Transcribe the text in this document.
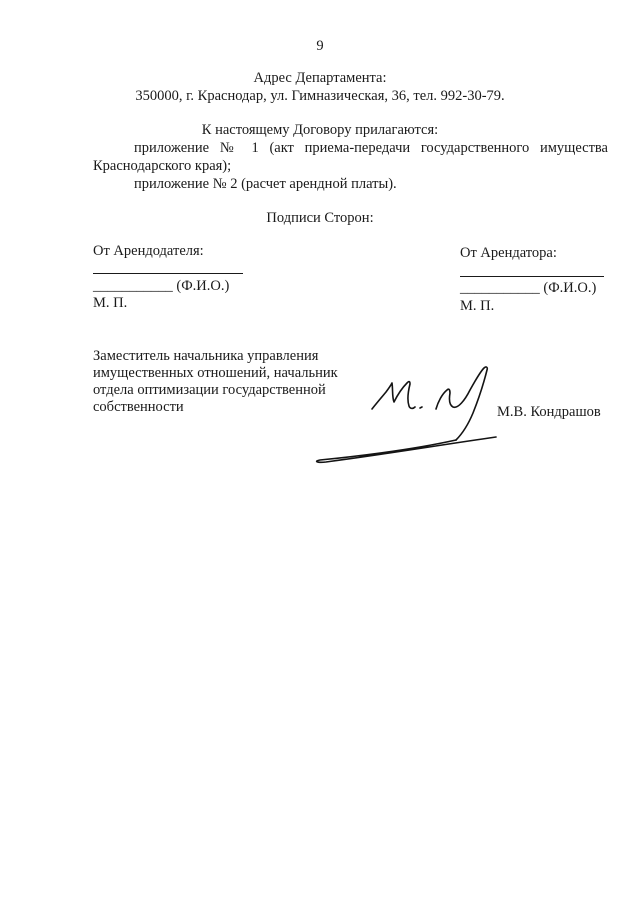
9
Адрес Департамента:
350000, г. Краснодар, ул. Гимназическая, 36, тел. 992-30-79.
К настоящему Договору прилагаются:
приложение № 1 (акт приема-передачи государственного имущества
Краснодарского края);
приложение № 2 (расчет арендной платы).
Подписи Сторон:
От Арендодателя:
___________ (Ф.И.О.)
М. П.
От Арендатора:
___________ (Ф.И.О.)
М. П.
Заместитель начальника управления
имущественных отношений, начальник
отдела оптимизации государственной
собственности	М.В. Кондрашов
